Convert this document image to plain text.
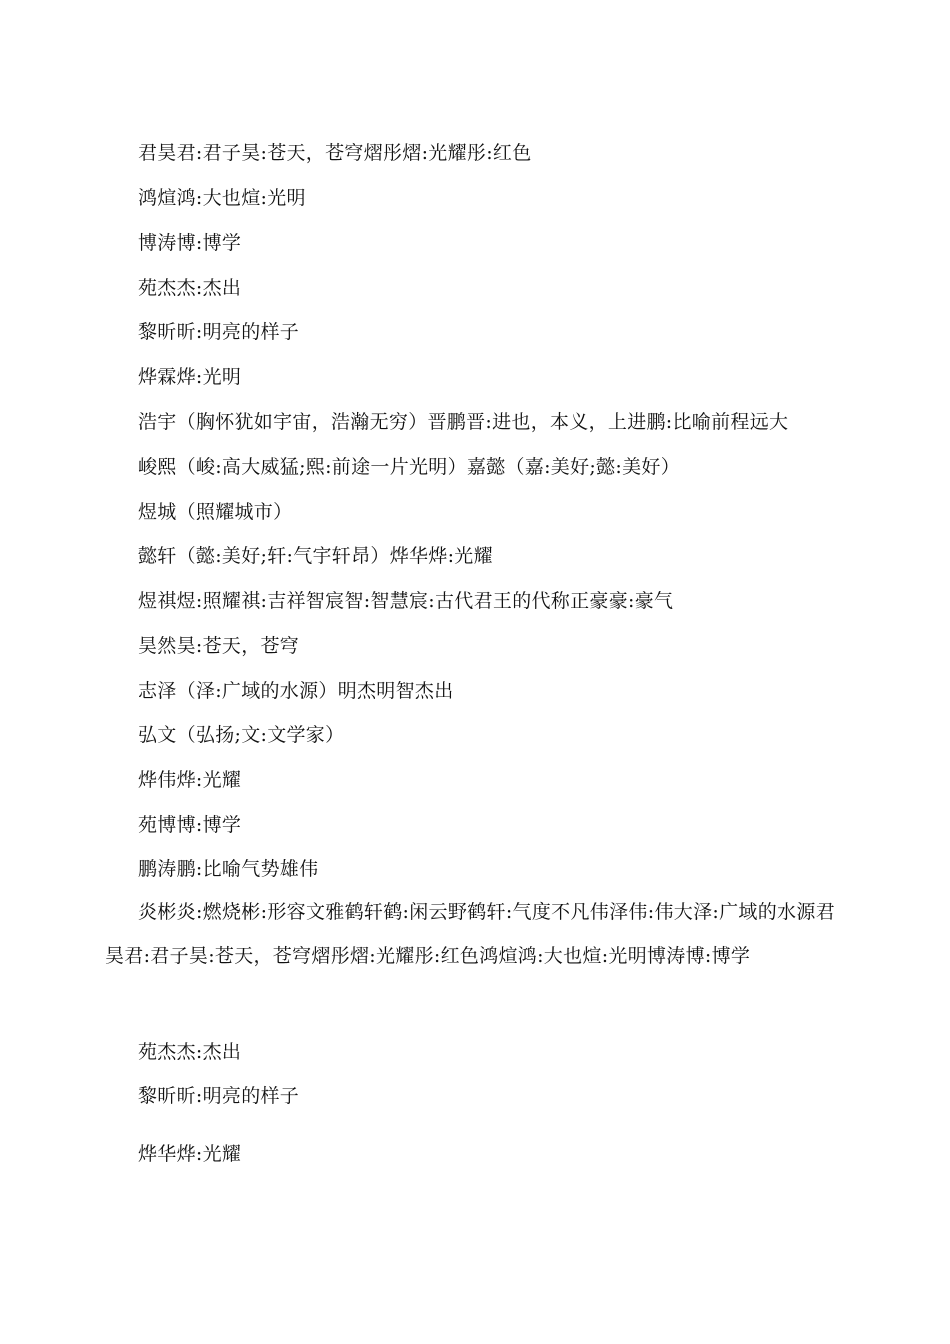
君昊君:君子昊:苍天，苍穹熠彤熠:光耀彤:红色
鸿煊鸿:大也煊:光明
博涛博:博学
苑杰杰:杰出
黎昕昕:明亮的样子
烨霖烨:光明
浩宇（胸怀犹如宇宙，浩瀚无穷）晋鹏晋:进也，本义，上进鹏:比喻前程远大
峻熙（峻:高大威猛;熙:前途一片光明）嘉懿（嘉:美好;懿:美好）
煜城（照耀城市）
懿轩（懿:美好;轩:气宇轩昂）烨华烨:光耀
煜祺煜:照耀祺:吉祥智宸智:智慧宸:古代君王的代称正豪豪:豪气
昊然昊:苍天，苍穹
志泽（泽:广域的水源）明杰明智杰出
弘文（弘扬;文:文学家）
烨伟烨:光耀
苑博博:博学
鹏涛鹏:比喻气势雄伟
炎彬炎:燃烧彬:形容文雅鹤轩鹤:闲云野鹤轩:气度不凡伟泽伟:伟大泽:广域的水源君昊君:君子昊:苍天，苍穹熠彤熠:光耀彤:红色鸿煊鸿:大也煊:光明博涛博:博学
苑杰杰:杰出
黎昕昕:明亮的样子
烨华烨:光耀
